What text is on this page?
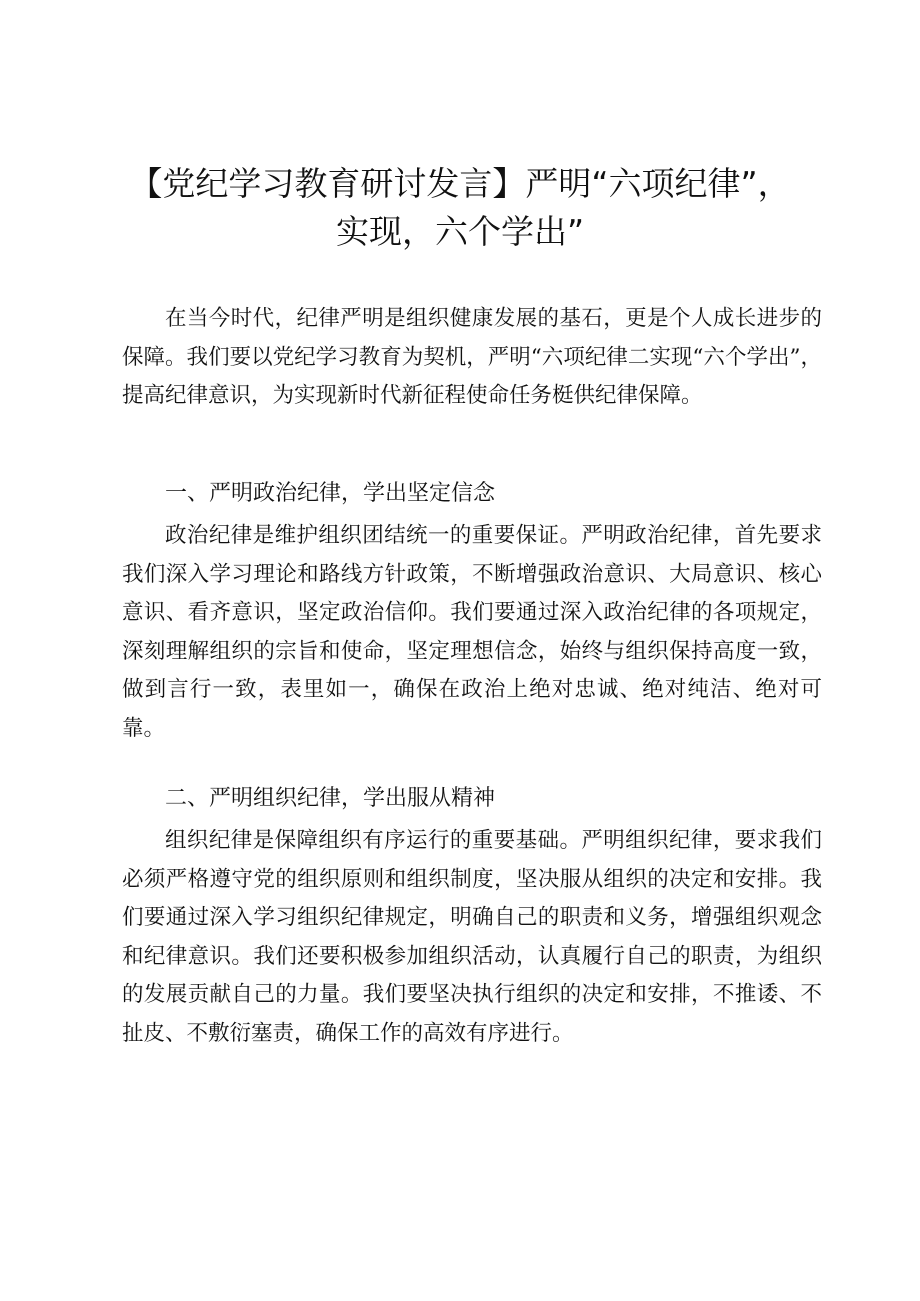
【党纪学习教育研讨发言】严明“六项纪律”，
实现，六个学出”

在当今时代，纪律严明是组织健康发展的基石，更是个人成长进步的保障。我们要以党纪学习教育为契机，严明“六项纪律二实现“六个学出”，提高纪律意识，为实现新时代新征程使命任务梃供纪律保障。

一、严明政治纪律，学出坚定信念

政治纪律是维护组织团结统一的重要保证。严明政治纪律，首先要求我们深入学习理论和路线方针政策，不断增强政治意识、大局意识、核心意识、看齐意识，坚定政治信仰。我们要通过深入政治纪律的各项规定，深刻理解组织的宗旨和使命，坚定理想信念，始终与组织保持高度一致，做到言行一致，表里如一，确保在政治上绝对忠诚、绝对纯洁、绝对可靠。

二、严明组织纪律，学出服从精神

组织纪律是保障组织有序运行的重要基础。严明组织纪律，要求我们必须严格遵守党的组织原则和组织制度，坚决服从组织的决定和安排。我们要通过深入学习组织纪律规定，明确自己的职责和义务，增强组织观念和纪律意识。我们还要积极参加组织活动，认真履行自己的职责，为组织的发展贡献自己的力量。我们要坚决执行组织的决定和安排，不推诿、不扯皮、不敷衍塞责，确保工作的高效有序进行。
